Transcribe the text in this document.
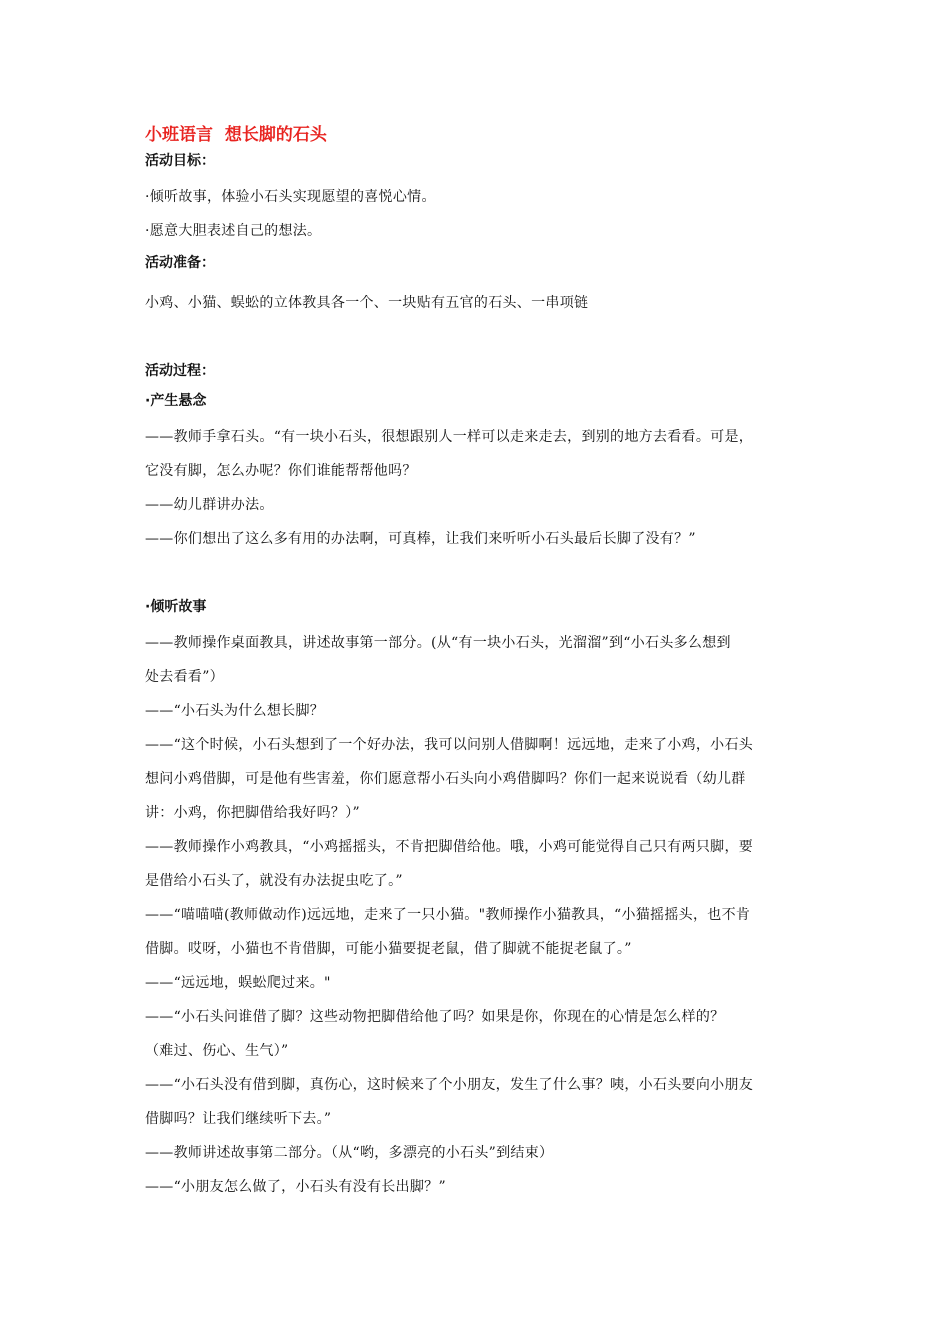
小班语言  想长脚的石头
活动目标：
·倾听故事，体验小石头实现愿望的喜悦心情。
·愿意大胆表述自己的想法。
活动准备：
小鸡、小猫、蜈蚣的立体教具各一个、一块贴有五官的石头、一串项链
活动过程：
·产生悬念
——教师手拿石头。“有一块小石头，很想跟别人一样可以走来走去，到别的地方去看看。可是，
它没有脚，怎么办呢？你们谁能帮帮他吗？
——幼儿群讲办法。
——你们想出了这么多有用的办法啊，可真棒，让我们来听听小石头最后长脚了没有？”
·倾听故事
——教师操作桌面教具，讲述故事第一部分。(从“有一块小石头，光溜溜”到“小石头多么想到
处去看看”）
——“小石头为什么想长脚？
——“这个时候，小石头想到了一个好办法，我可以问别人借脚啊！远远地，走来了小鸡，小石头
想问小鸡借脚，可是他有些害羞，你们愿意帮小石头向小鸡借脚吗？你们一起来说说看（幼儿群
讲：小鸡，你把脚借给我好吗？）”
——教师操作小鸡教具，“小鸡摇摇头，不肯把脚借给他。哦，小鸡可能觉得自己只有两只脚，要
是借给小石头了，就没有办法捉虫吃了。”
——“喵喵喵(教师做动作)远远地，走来了一只小猫。"教师操作小猫教具，“小猫摇摇头，也不肯
借脚。哎呀，小猫也不肯借脚，可能小猫要捉老鼠，借了脚就不能捉老鼠了。”
——“远远地，蜈蚣爬过来。"
——“小石头问谁借了脚？这些动物把脚借给他了吗？如果是你，你现在的心情是怎么样的？
（难过、伤心、生气）”
——“小石头没有借到脚，真伤心，这时候来了个小朋友，发生了什么事？咦，小石头要向小朋友
借脚吗？让我们继续听下去。”
——教师讲述故事第二部分。（从“哟，多漂亮的小石头”到结束）
——“小朋友怎么做了，小石头有没有长出脚？”
